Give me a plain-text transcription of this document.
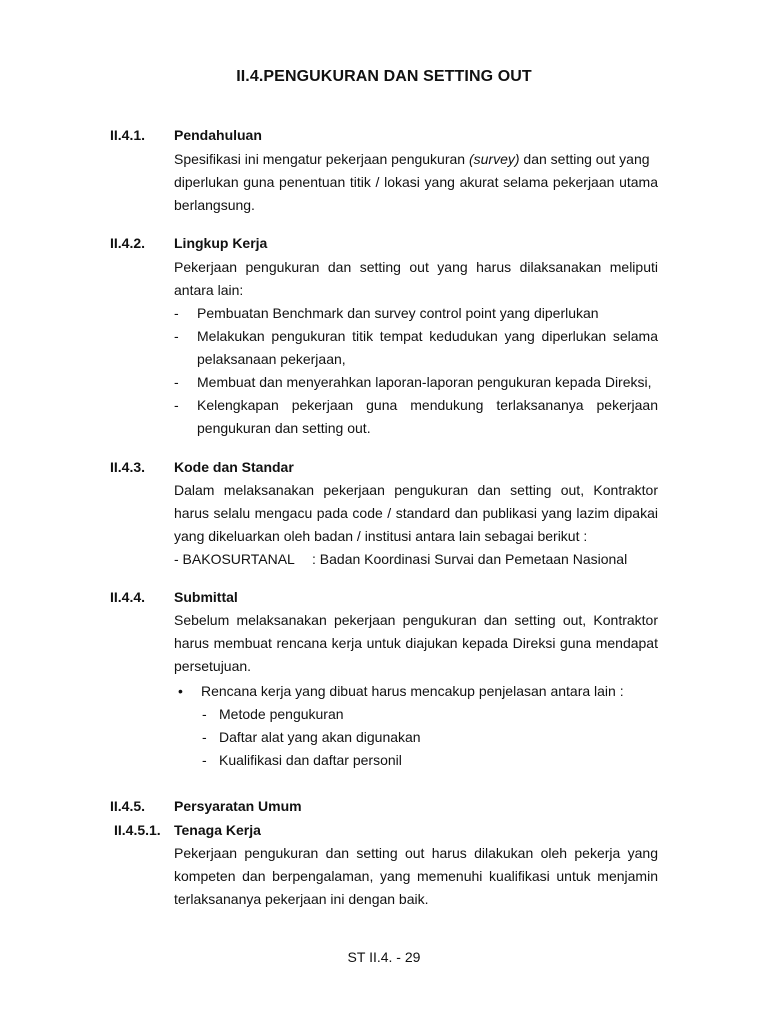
II.4.PENGUKURAN DAN SETTING OUT
II.4.1. Pendahuluan
Spesifikasi ini mengatur pekerjaan pengukuran (survey) dan setting out yang
diperlukan guna penentuan titik / lokasi yang akurat selama pekerjaan utama
berlangsung.
II.4.2. Lingkup Kerja
Pekerjaan pengukuran dan setting out yang harus dilaksanakan meliputi
antara lain:
- Pembuatan Benchmark dan survey control point yang diperlukan
- Melakukan pengukuran titik tempat kedudukan yang diperlukan selama
pelaksanaan pekerjaan,
- Membuat dan menyerahkan laporan-laporan pengukuran kepada Direksi,
- Kelengkapan pekerjaan guna mendukung terlaksananya pekerjaan
pengukuran dan setting out.
II.4.3. Kode dan Standar
Dalam melaksanakan pekerjaan pengukuran dan setting out, Kontraktor
harus selalu mengacu pada code / standard dan publikasi yang lazim dipakai
yang dikeluarkan oleh badan / institusi antara lain sebagai berikut :
- BAKOSURTANAL : Badan Koordinasi Survai dan Pemetaan Nasional
II.4.4. Submittal
Sebelum melaksanakan pekerjaan pengukuran dan setting out, Kontraktor
harus membuat rencana kerja untuk diajukan kepada Direksi guna mendapat
persetujuan.
• Rencana kerja yang dibuat harus mencakup penjelasan antara lain :
- Metode pengukuran
- Daftar alat yang akan digunakan
- Kualifikasi dan daftar personil
II.4.5. Persyaratan Umum
II.4.5.1. Tenaga Kerja
Pekerjaan pengukuran dan setting out harus dilakukan oleh pekerja yang
kompeten dan berpengalaman, yang memenuhi kualifikasi untuk menjamin
terlaksananya pekerjaan ini dengan baik.
ST II.4. - 29
